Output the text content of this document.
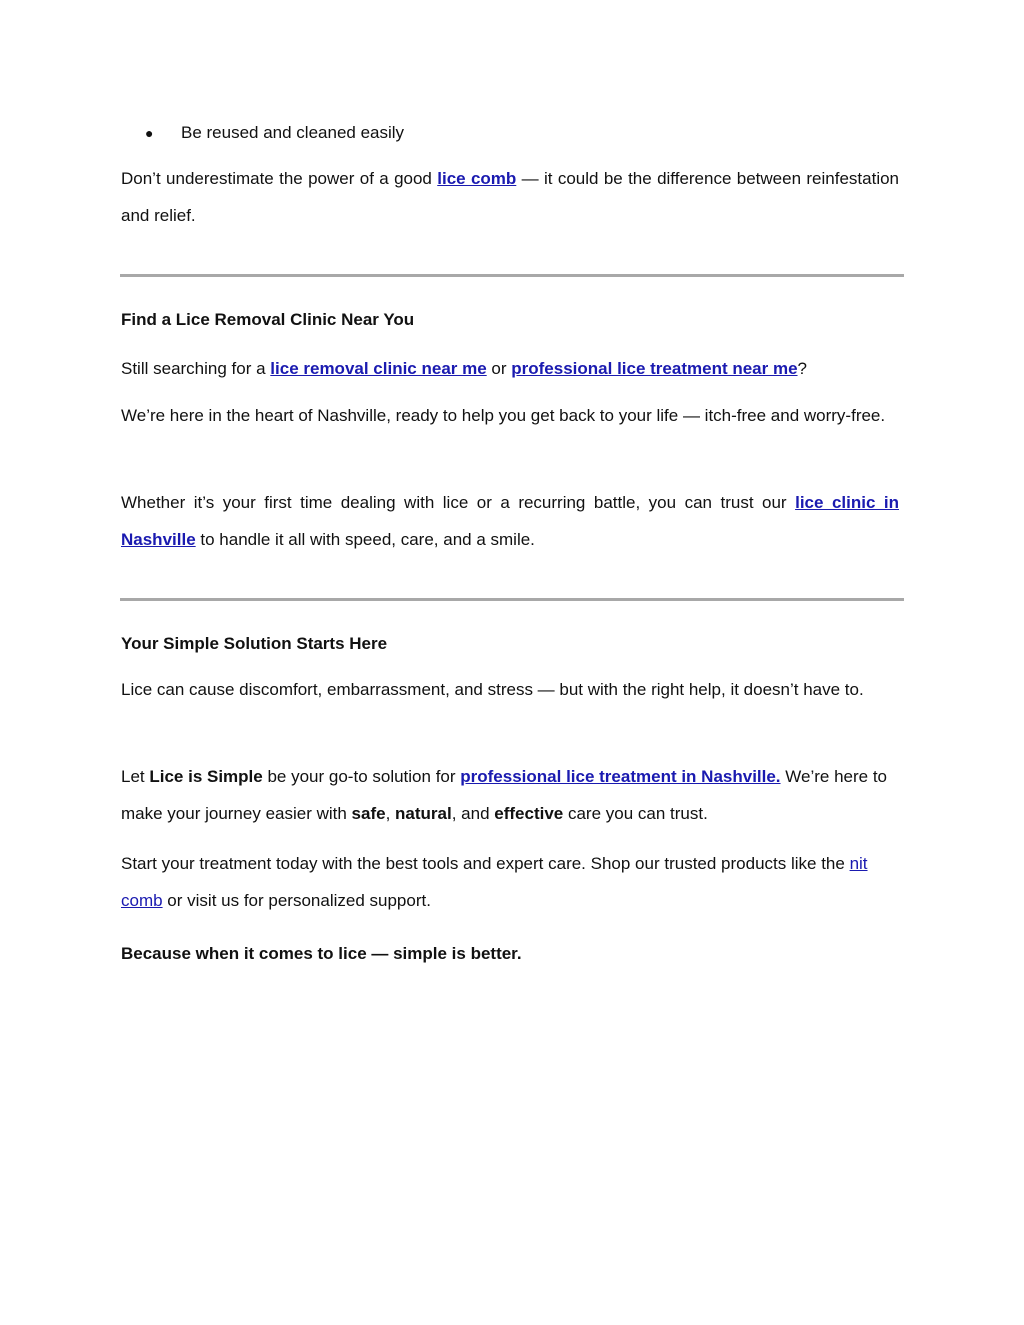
● Be reused and cleaned easily

Don’t underestimate the power of a good lice comb — it could be the difference between reinfestation and relief.

Find a Lice Removal Clinic Near You

Still searching for a lice removal clinic near me or professional lice treatment near me?

We’re here in the heart of Nashville, ready to help you get back to your life — itch-free and worry-free.

Whether it’s your first time dealing with lice or a recurring battle, you can trust our lice clinic in Nashville to handle it all with speed, care, and a smile.

Your Simple Solution Starts Here

Lice can cause discomfort, embarrassment, and stress — but with the right help, it doesn’t have to.

Let Lice is Simple be your go-to solution for professional lice treatment in Nashville. We’re here to make your journey easier with safe, natural, and effective care you can trust.

Start your treatment today with the best tools and expert care. Shop our trusted products like the nit comb or visit us for personalized support.

Because when it comes to lice — simple is better.
